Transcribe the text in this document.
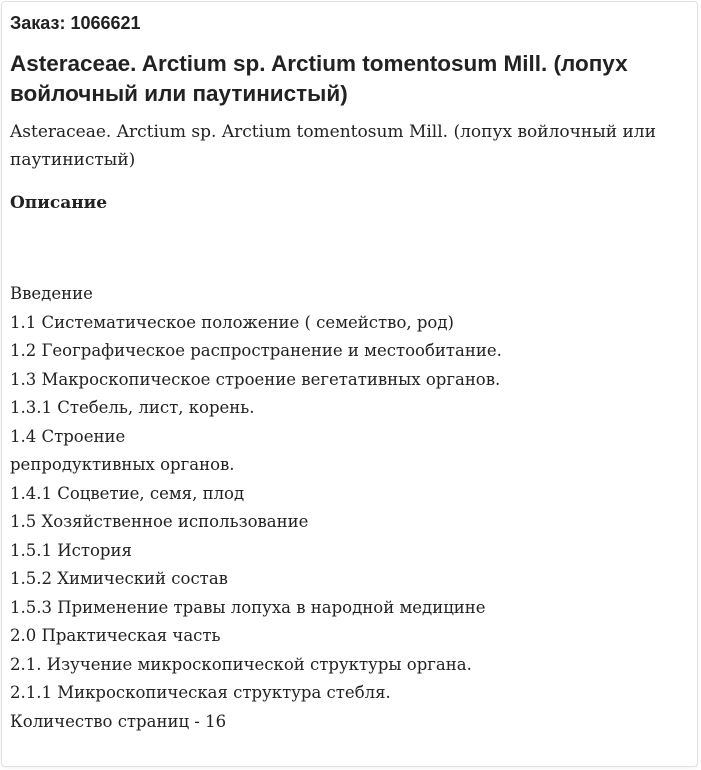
Заказ: 1066621
Asteraceae. Arctium sp. Arctium tomentosum Mill. (лопух войлочный или паутинистый)
Asteraceae. Arctium sp. Arctium tomentosum Mill. (лопух войлочный или паутинистый)
Описание
Введение
1.1 Систематическое положение ( семейство, род)
1.2 Географическое распространение и местообитание.
1.3 Макроскопическое строение вегетативных органов.
1.3.1 Стебель, лист, корень.
1.4 Строение
репродуктивных органов.
1.4.1 Соцветие, семя, плод
1.5 Хозяйственное использование
1.5.1 История
1.5.2 Химический состав
1.5.3 Применение травы лопуха в народной медицине
2.0 Практическая часть
2.1. Изучение микроскопической структуры органа.
2.1.1 Микроскопическая структура стебля.
Количество страниц - 16
